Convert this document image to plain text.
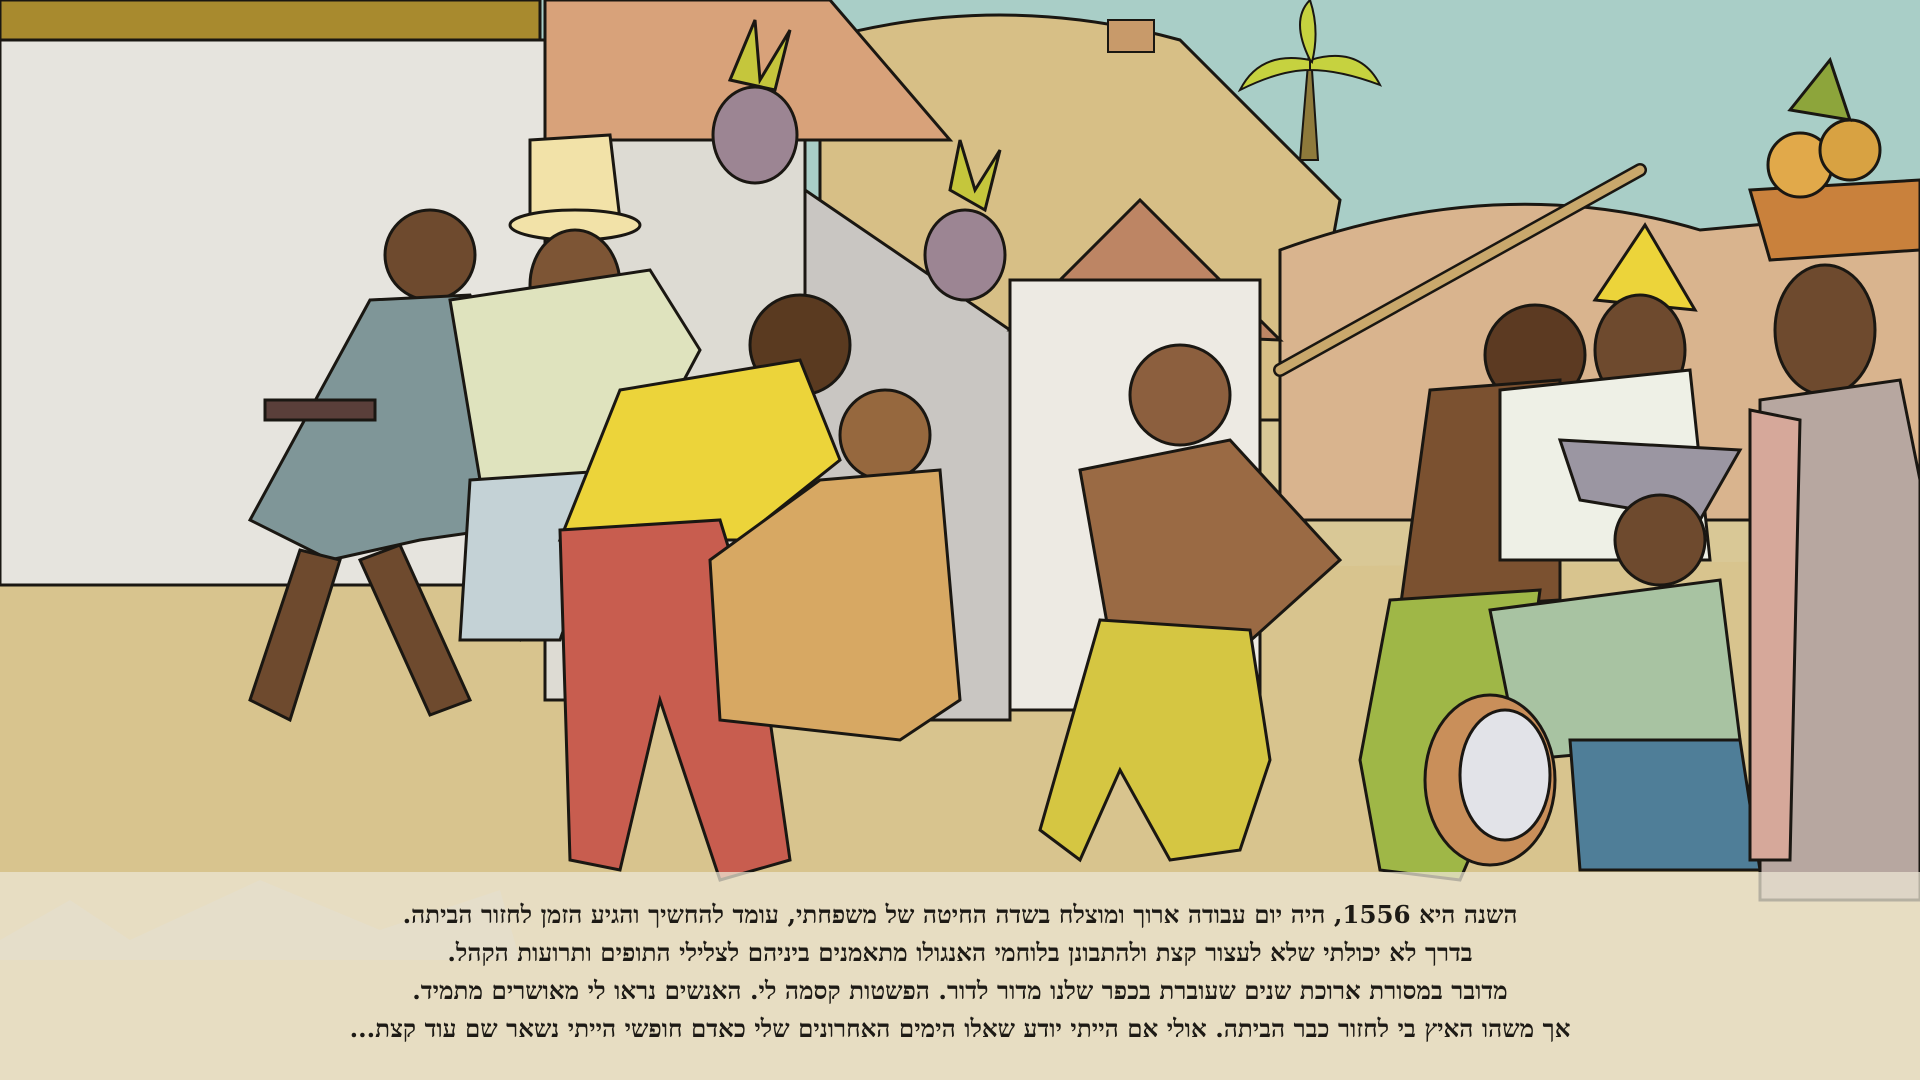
השנה היא 1556, היה יום עבודה ארוך ומוצלח בשדה החיטה של משפחתי, עומד להחשיך והגיע הזמן לחזור הביתה.
בדרך לא יכולתי שלא לעצור קצת ולהתבונן בלוחמי האנגולו מתאמנים ביניהם לצלילי התופים ותרועות הקהל.
מדובר במסורת ארוכת שנים שעוברת בכפר שלנו מדור לדור. הפשטות קסמה לי. האנשים נראו לי מאושרים מתמיד.
אך משהו האיץ בי לחזור כבר הביתה. אולי אם הייתי יודע שאלו הימים האחרונים שלי כאדם חופשי הייתי נשאר שם עוד קצת...
